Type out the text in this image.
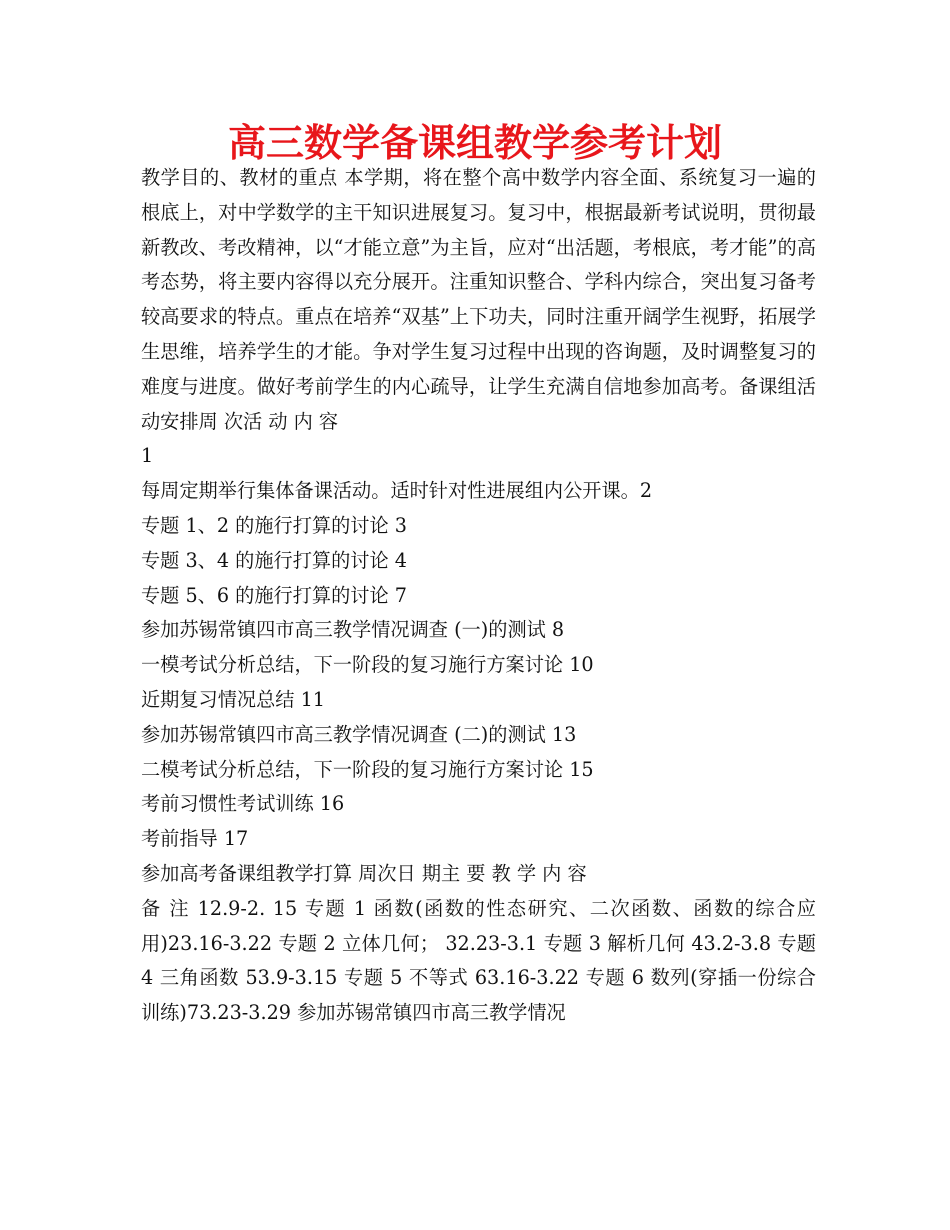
高三数学备课组教学参考计划

教学目的、教材的重点 本学期，将在整个高中数学内容全面、系统复习一遍的根底上，对中学数学的主干知识进展复习。复习中，根据最新考试说明，贯彻最新教改、考改精神，以“才能立意”为主旨，应对“出活题，考根底，考才能”的高考态势，将主要内容得以充分展开。注重知识整合、学科内综合，突出复习备考较高要求的特点。重点在培养“双基”上下功夫，同时注重开阔学生视野，拓展学生思维，培养学生的才能。争对学生复习过程中出现的咨询题，及时调整复习的难度与进度。做好考前学生的内心疏导，让学生充满自信地参加高考。备课组活动安排周 次活 动 内 容

1

每周定期举行集体备课活动。适时针对性进展组内公开课。2

专题 1、2 的施行打算的讨论 3

专题 3、4 的施行打算的讨论 4

专题 5、6 的施行打算的讨论 7

参加苏锡常镇四市高三教学情况调查 (一)的测试 8

一模考试分析总结，下一阶段的复习施行方案讨论 10

近期复习情况总结 11

参加苏锡常镇四市高三教学情况调查 (二)的测试 13

二模考试分析总结，下一阶段的复习施行方案讨论 15

考前习惯性考试训练 16

考前指导 17

参加高考备课组教学打算 周次日 期主 要 教 学 内 容

备 注 12.9-2. 15 专题 1 函数(函数的性态研究、二次函数、函数的综合应用)23.16-3.22 专题 2 立体几何； 32.23-3.1 专题 3 解析几何 43.2-3.8 专题 4 三角函数 53.9-3.15 专题 5 不等式 63.16-3.22 专题 6 数列(穿插一份综合训练)73.23-3.29 参加苏锡常镇四市高三教学情况
